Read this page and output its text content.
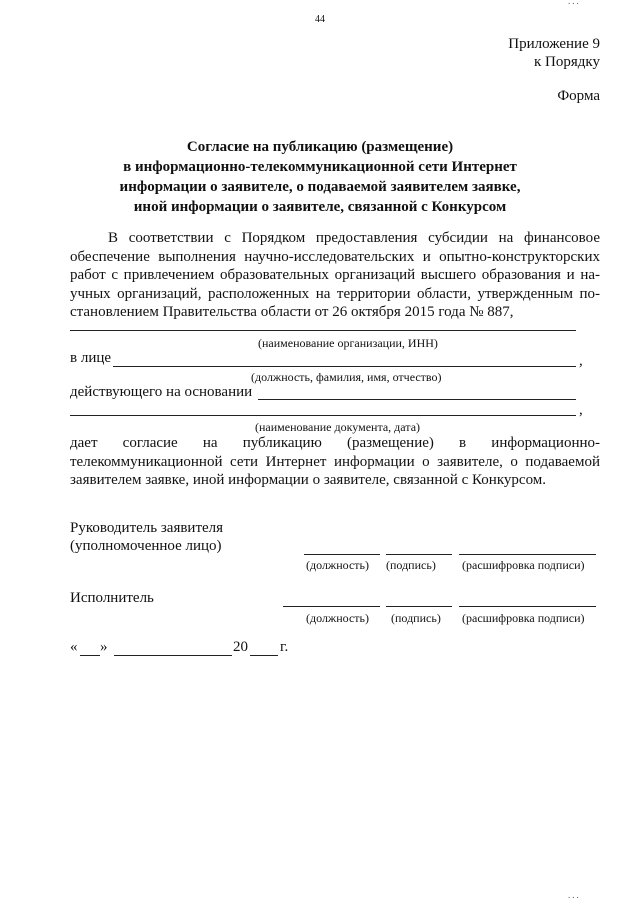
...
44
Приложение 9
к Порядку
Форма
Согласие на публикацию (размещение)
в информационно-телекоммуникационной сети Интернет
информации о заявителе, о подаваемой заявителем заявке,
иной информации о заявителе, связанной с Конкурсом
В соответствии с Порядком предоставления субсидии на финансовое
обеспечение выполнения научно-исследовательских и опытно-конструкторских
работ с привлечением образовательных организаций высшего образования и на-
учных организаций, расположенных на территории области, утвержденным по-
становлением Правительства области от 26 октября 2015 года № 887,
(наименование организации, ИНН)
в лице	,
(должность, фамилия, имя, отчество)
действующего на основании
,
(наименование документа, дата)
дает согласие на публикацию (размещение) в информационно-
телекоммуникационной сети Интернет информации о заявителе, о подаваемой
заявителем заявке, иной информации о заявителе, связанной с Конкурсом.
Руководитель заявителя
(уполномоченное лицо)
(должность) (подпись) (расшифровка подписи)
Исполнитель
(должность) (подпись) (расшифровка подписи)
« »	20 г.
...
